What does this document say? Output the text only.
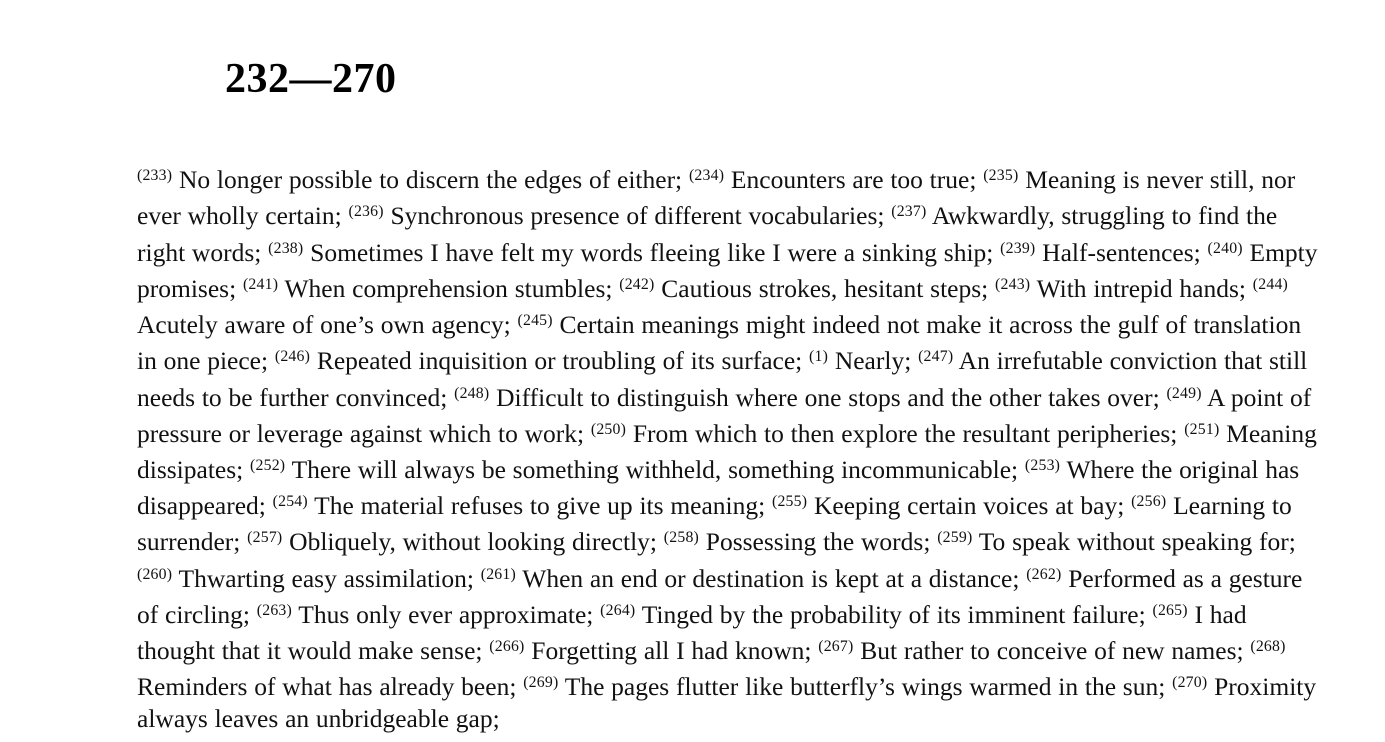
232—270
$^{(233)}$ No longer possible to discern the edges of either; $^{(234)}$ Encounters are too true; $^{(235)}$ Meaning is never still, nor ever wholly certain; $^{(236)}$ Synchronous presence of different vocabularies; $^{(237)}$ Awkwardly, struggling to find the right words; $^{(238)}$ Sometimes I have felt my words fleeing like I were a sinking ship; $^{(239)}$ Half-sentences; $^{(240)}$ Empty promises; $^{(241)}$ When comprehension stumbles; $^{(242)}$ Cautious strokes, hesitant steps; $^{(243)}$ With intrepid hands; $^{(244)}$ Acutely aware of one’s own agency; $^{(245)}$ Certain meanings might indeed not make it across the gulf of translation in one piece; $^{(246)}$ Repeated inquisition or troubling of its surface; $^{(1)}$ Nearly; $^{(247)}$ An irrefutable conviction that still needs to be further convinced; $^{(248)}$ Difficult to distinguish where one stops and the other takes over; $^{(249)}$ A point of pressure or leverage against which to work; $^{(250)}$ From which to then explore the resultant peripheries; $^{(251)}$ Meaning dissipates; $^{(252)}$ There will always be something withheld, something incommunicable; $^{(253)}$ Where the original has disappeared; $^{(254)}$ The material refuses to give up its meaning; $^{(255)}$ Keeping certain voices at bay; $^{(256)}$ Learning to surrender; $^{(257)}$ Obliquely, without looking directly; $^{(258)}$ Possessing the words; $^{(259)}$ To speak without speaking for; $^{(260)}$ Thwarting easy assimilation; $^{(261)}$ When an end or destination is kept at a distance; $^{(262)}$ Performed as a gesture of circling; $^{(263)}$ Thus only ever approximate; $^{(264)}$ Tinged by the probability of its imminent failure; $^{(265)}$ I had thought that it would make sense; $^{(266)}$ Forgetting all I had known; $^{(267)}$ But rather to conceive of new names; $^{(268)}$ Reminders of what has already been; $^{(269)}$ The pages flutter like butterfly’s wings warmed in the sun; $^{(270)}$ Proximity always leaves an unbridgeable gap;
